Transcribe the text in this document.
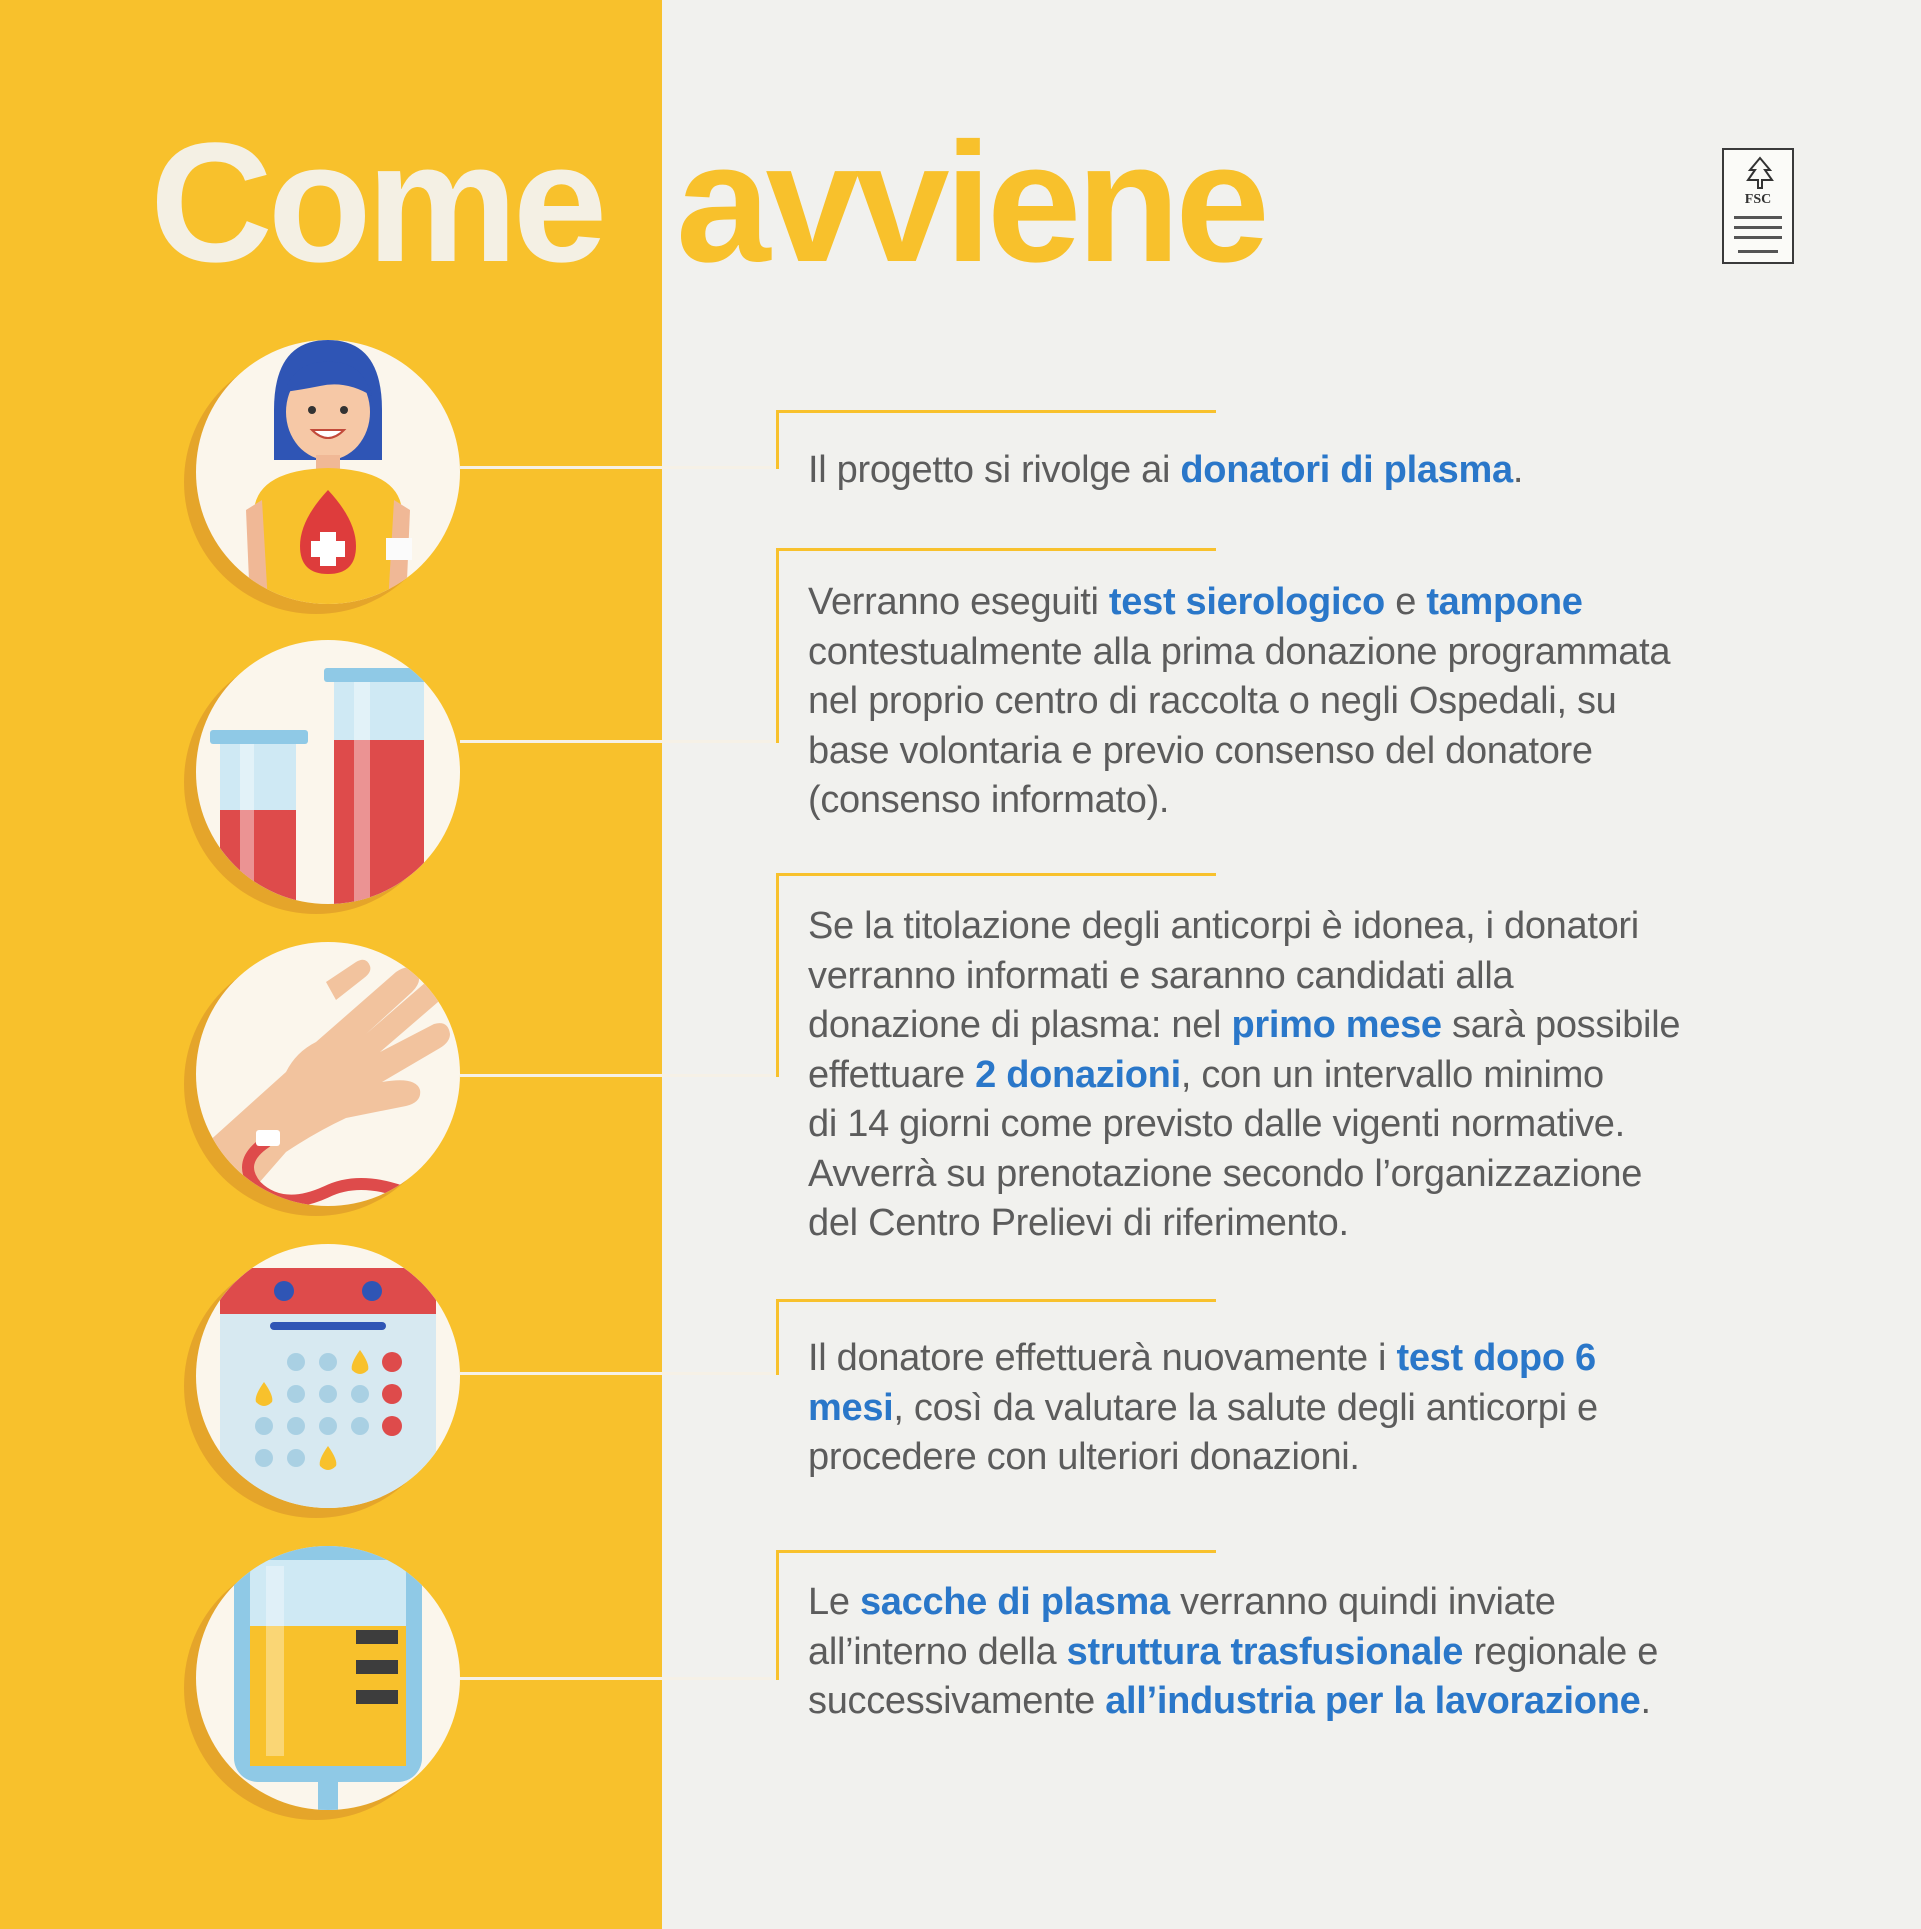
Come avviene	FSC
Il progetto si rivolge ai donatori di plasma.
Verranno eseguiti test sierologico e tampone
contestualmente alla prima donazione programmata
nel proprio centro di raccolta o negli Ospedali, su
base volontaria e previo consenso del donatore
(consenso informato).
Se la titolazione degli anticorpi è idonea, i donatori
verranno informati e saranno candidati alla
donazione di plasma: nel primo mese sarà possibile
effettuare 2 donazioni, con un intervallo minimo
di 14 giorni come previsto dalle vigenti normative.
Avverrà su prenotazione secondo l’organizzazione
del Centro Prelievi di riferimento.
Il donatore effettuerà nuovamente i test dopo 6
mesi, così da valutare la salute degli anticorpi e
procedere con ulteriori donazioni.
Le sacche di plasma verranno quindi inviate
all’interno della struttura trasfusionale regionale e
successivamente all’industria per la lavorazione.
